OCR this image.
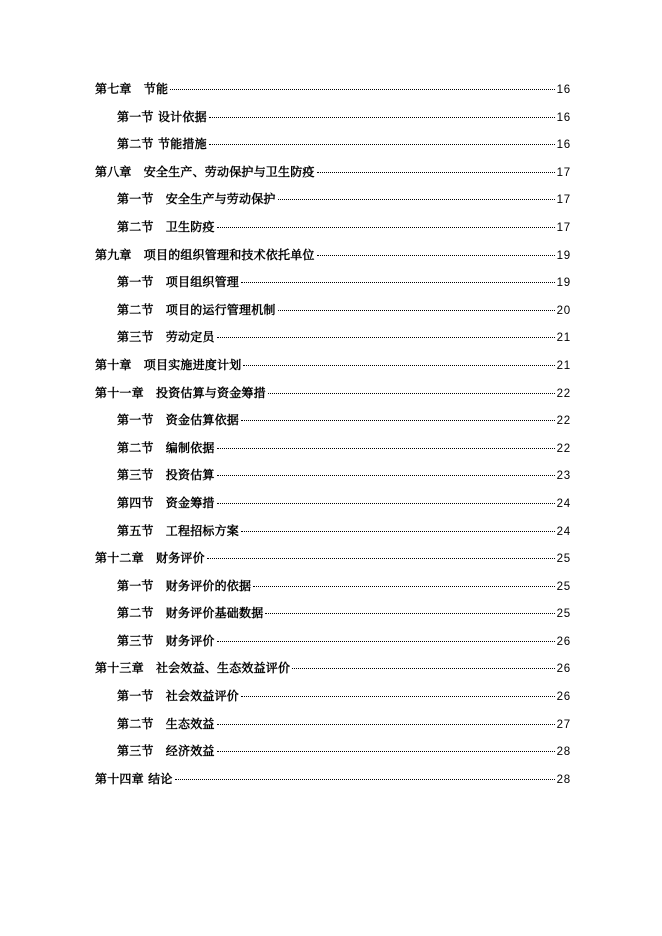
第七章　节能	16
第一节 设计依据	16
第二节 节能措施	16
第八章　安全生产、劳动保护与卫生防疫	17
第一节　安全生产与劳动保护	17
第二节　卫生防疫	17
第九章　项目的组织管理和技术依托单位	19
第一节　项目组织管理	19
第二节　项目的运行管理机制	20
第三节　劳动定员	21
第十章　项目实施进度计划	21
第十一章　投资估算与资金筹措	22
第一节　资金估算依据	22
第二节　编制依据	22
第三节　投资估算	23
第四节　资金筹措	24
第五节　工程招标方案	24
第十二章　财务评价	25
第一节　财务评价的依据	25
第二节　财务评价基础数据	25
第三节　财务评价	26
第十三章　社会效益、生态效益评价	26
第一节　社会效益评价	26
第二节　生态效益	27
第三节　经济效益	28
第十四章 结论	28
